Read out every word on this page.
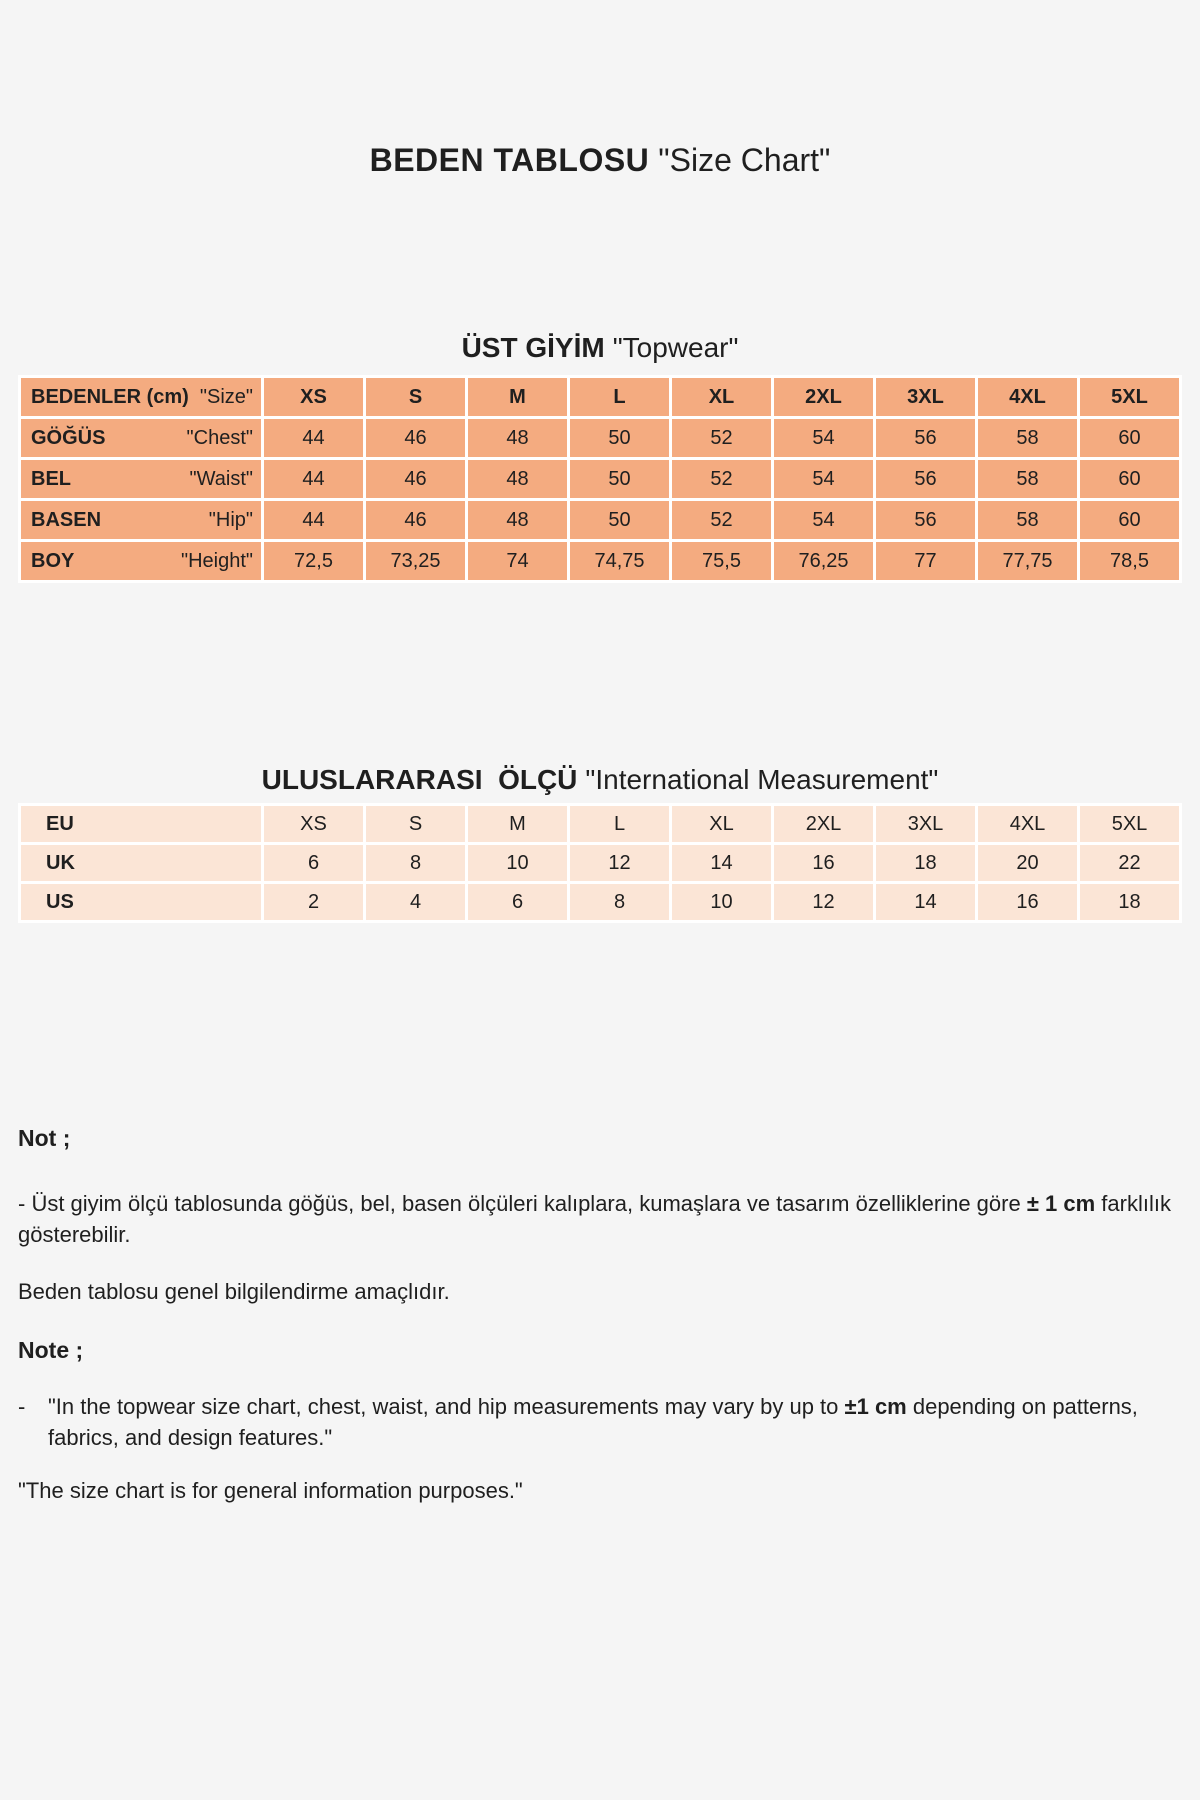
BEDEN TABLOSU "Size Chart"
ÜST GİYİM "Topwear"
BEDENLER (cm) "Size"	XS	S	M	L	XL	2XL	3XL	4XL	5XL

GÖĞÜS "Chest"	44	46	48	50	52	54	56	58	60

BEL "Waist"	44	46	48	50	52	54	56	58	60

BASEN "Hip"	44	46	48	50	52	54	56	58	60

BOY "Height"	72,5	73,25	74	74,75	75,5	76,25	77	77,75	78,5
ULUSLARARASI  ÖLÇÜ "International Measurement"
EU	XS	S	M	L	XL	2XL	3XL	4XL	5XL

UK	6	8	10	12	14	16	18	20	22

US	2	4	6	8	10	12	14	16	18
Not ;

- Üst giyim ölçü tablosunda göğüs, bel, basen ölçüleri kalıplara, kumaşlara ve tasarım özelliklerine göre ± 1 cm farklılık gösterebilir.

Beden tablosu genel bilgilendirme amaçlıdır.

Note ;
-	"In the topwear size chart, chest, waist, and hip measurements may vary by up to ±1 cm depending on patterns, fabrics, and design features."

"The size chart is for general information purposes."
